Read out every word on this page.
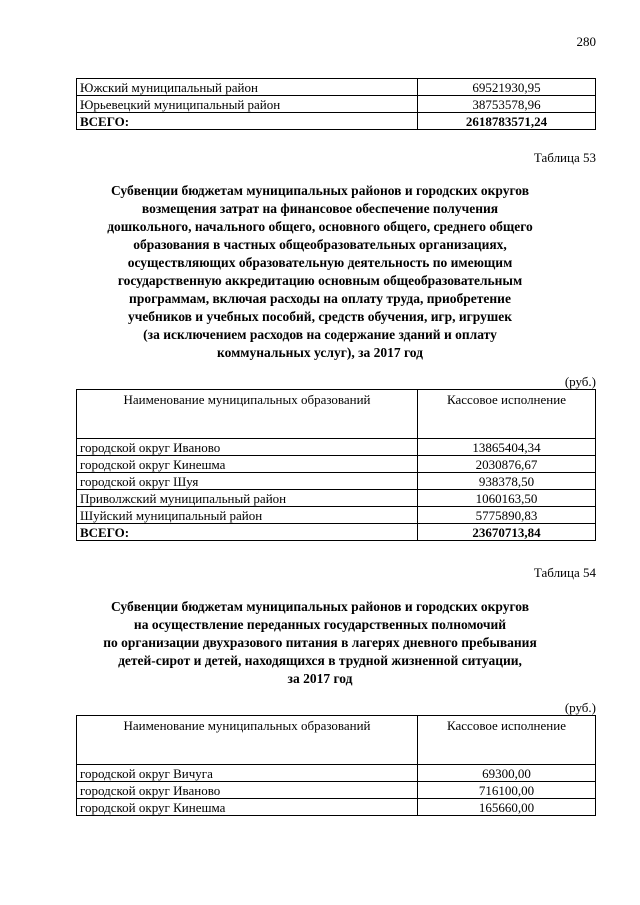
280
Южский муниципальный район	69521930,95
Юрьевецкий муниципальный район	38753578,96
ВСЕГО:	2618783571,24
Таблица 53
Субвенции бюджетам муниципальных районов и городских округов
возмещения затрат на финансовое обеспечение получения
дошкольного, начального общего, основного общего, среднего общего
образования в частных общеобразовательных организациях,
осуществляющих образовательную деятельность по имеющим
государственную аккредитацию основным общеобразовательным
программам, включая расходы на оплату труда, приобретение
учебников и учебных пособий, средств обучения, игр, игрушек
(за исключением расходов на содержание зданий и оплату
коммунальных услуг), за 2017 год
(руб.)
Наименование муниципальных образований	Кассовое исполнение
городской округ Иваново	13865404,34
городской округ Кинешма	2030876,67
городской округ Шуя	938378,50
Приволжский муниципальный район	1060163,50
Шуйский муниципальный район	5775890,83
ВСЕГО:	23670713,84
Таблица 54
Субвенции бюджетам муниципальных районов и городских округов
на осуществление переданных государственных полномочий
по организации двухразового питания в лагерях дневного пребывания
детей-сирот и детей, находящихся в трудной жизненной ситуации,
за 2017 год
(руб.)
Наименование муниципальных образований	Кассовое исполнение
городской округ Вичуга	69300,00
городской округ Иваново	716100,00
городской округ Кинешма	165660,00
